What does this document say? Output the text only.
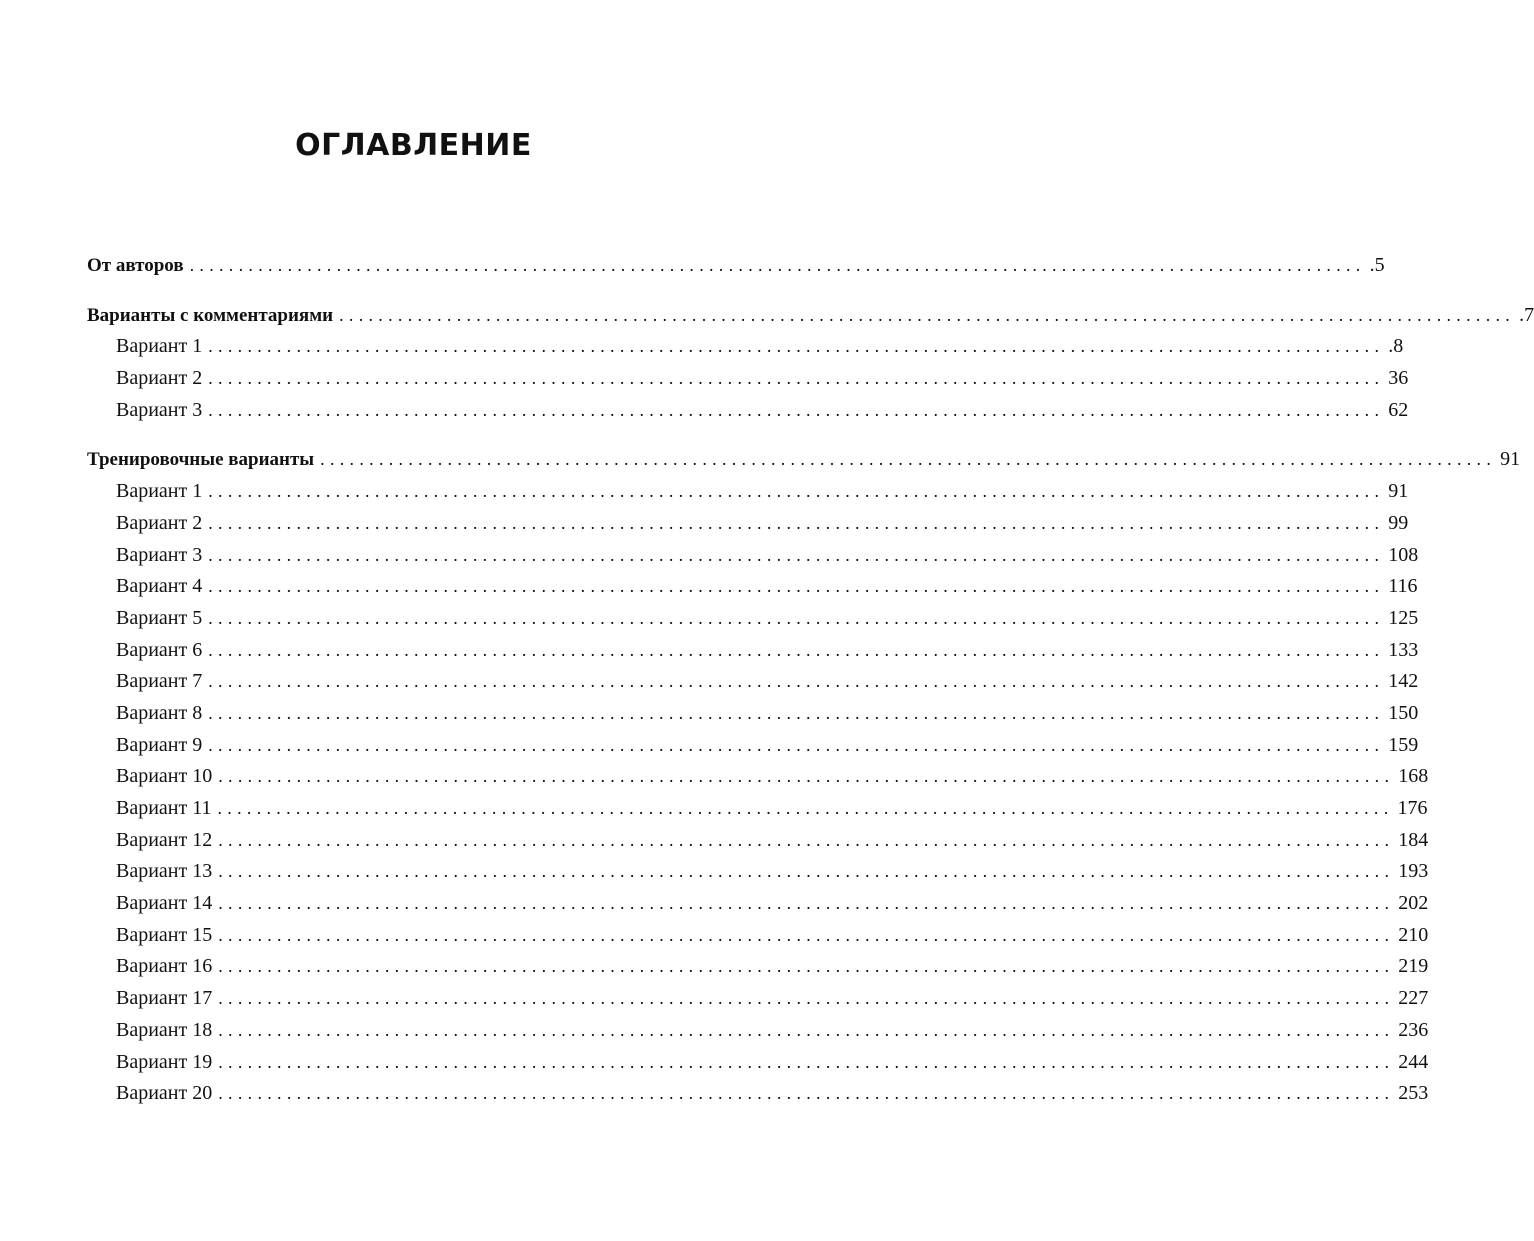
ОГЛАВЛЕНИЕ
От авторов ........................................................................................................................ .5
Варианты с комментариями ........................................................................................................................ .7
Вариант 1 ........................................................................................................................ .8
Вариант 2 ........................................................................................................................ 36
Вариант 3 ........................................................................................................................ 62
Тренировочные варианты ........................................................................................................................ 91
Вариант 1 ........................................................................................................................ 91
Вариант 2 ........................................................................................................................ 99
Вариант 3 ........................................................................................................................ 108
Вариант 4 ........................................................................................................................ 116
Вариант 5 ........................................................................................................................ 125
Вариант 6 ........................................................................................................................ 133
Вариант 7 ........................................................................................................................ 142
Вариант 8 ........................................................................................................................ 150
Вариант 9 ........................................................................................................................ 159
Вариант 10 ........................................................................................................................ 168
Вариант 11 ........................................................................................................................ 176
Вариант 12 ........................................................................................................................ 184
Вариант 13 ........................................................................................................................ 193
Вариант 14 ........................................................................................................................ 202
Вариант 15 ........................................................................................................................ 210
Вариант 16 ........................................................................................................................ 219
Вариант 17 ........................................................................................................................ 227
Вариант 18 ........................................................................................................................ 236
Вариант 19 ........................................................................................................................ 244
Вариант 20 ........................................................................................................................ 253
